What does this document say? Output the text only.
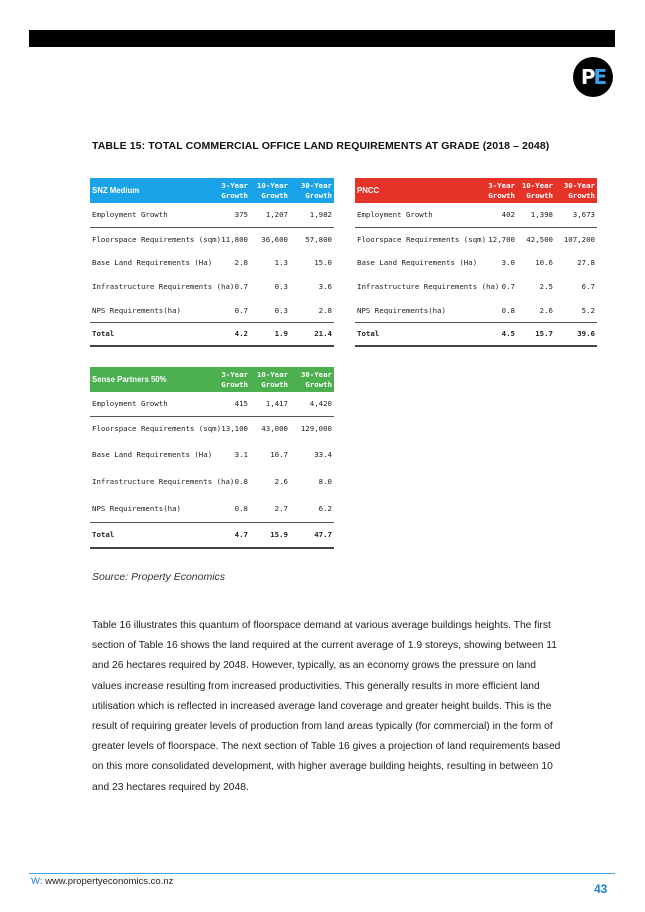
P E
TABLE 15: TOTAL COMMERCIAL OFFICE LAND REQUIREMENTS AT GRADE (2018 – 2048)
SNZ Medium	3-Year Growth	10-Year Growth	30-Year Growth
Employment Growth	375	1,207	1,982
Floorspace Requirements (sqm)	11,800	36,600	57,800
Base Land Requirements (Ha)	2.8	1.3	15.0
Infrastructure Requirements (ha)	0.7	0.3	3.6
NPS Requirements(ha)	0.7	0.3	2.8
Total	4.2	1.9	21.4
PNCC	3-Year Growth	10-Year Growth	30-Year Growth
Employment Growth	402	1,398	3,673
Floorspace Requirements (sqm)	12,700	42,500	107,200
Base Land Requirements (Ha)	3.0	10.6	27.8
Infrastructure Requirements (ha)	0.7	2.5	6.7
NPS Requirements(ha)	0.8	2.6	5.2
Total	4.5	15.7	39.6
Sense Partners 50%	3-Year Growth	10-Year Growth	30-Year Growth
Employment Growth	415	1,417	4,420
Floorspace Requirements (sqm)	13,100	43,000	129,000
Base Land Requirements (Ha)	3.1	10.7	33.4
Infrastructure Requirements (ha)	0.8	2.6	8.0
NPS Requirements(ha)	0.8	2.7	6.2
Total	4.7	15.9	47.7
Source: Property Economics
Table 16 illustrates this quantum of floorspace demand at various average buildings heights. The first section of Table 16 shows the land required at the current average of 1.9 storeys, showing between 11 and 26 hectares required by 2048. However, typically, as an economy grows the pressure on land values increase resulting from increased productivities. This generally results in more efficient land utilisation which is reflected in increased average land coverage and greater height builds. This is the result of requiring greater levels of production from land areas typically (for commercial) in the form of greater levels of floorspace. The next section of Table 16 gives a projection of land requirements based on this more consolidated development, with higher average building heights, resulting in between 10 and 23 hectares required by 2048.
W: www.propertyeconomics.co.nz
43
